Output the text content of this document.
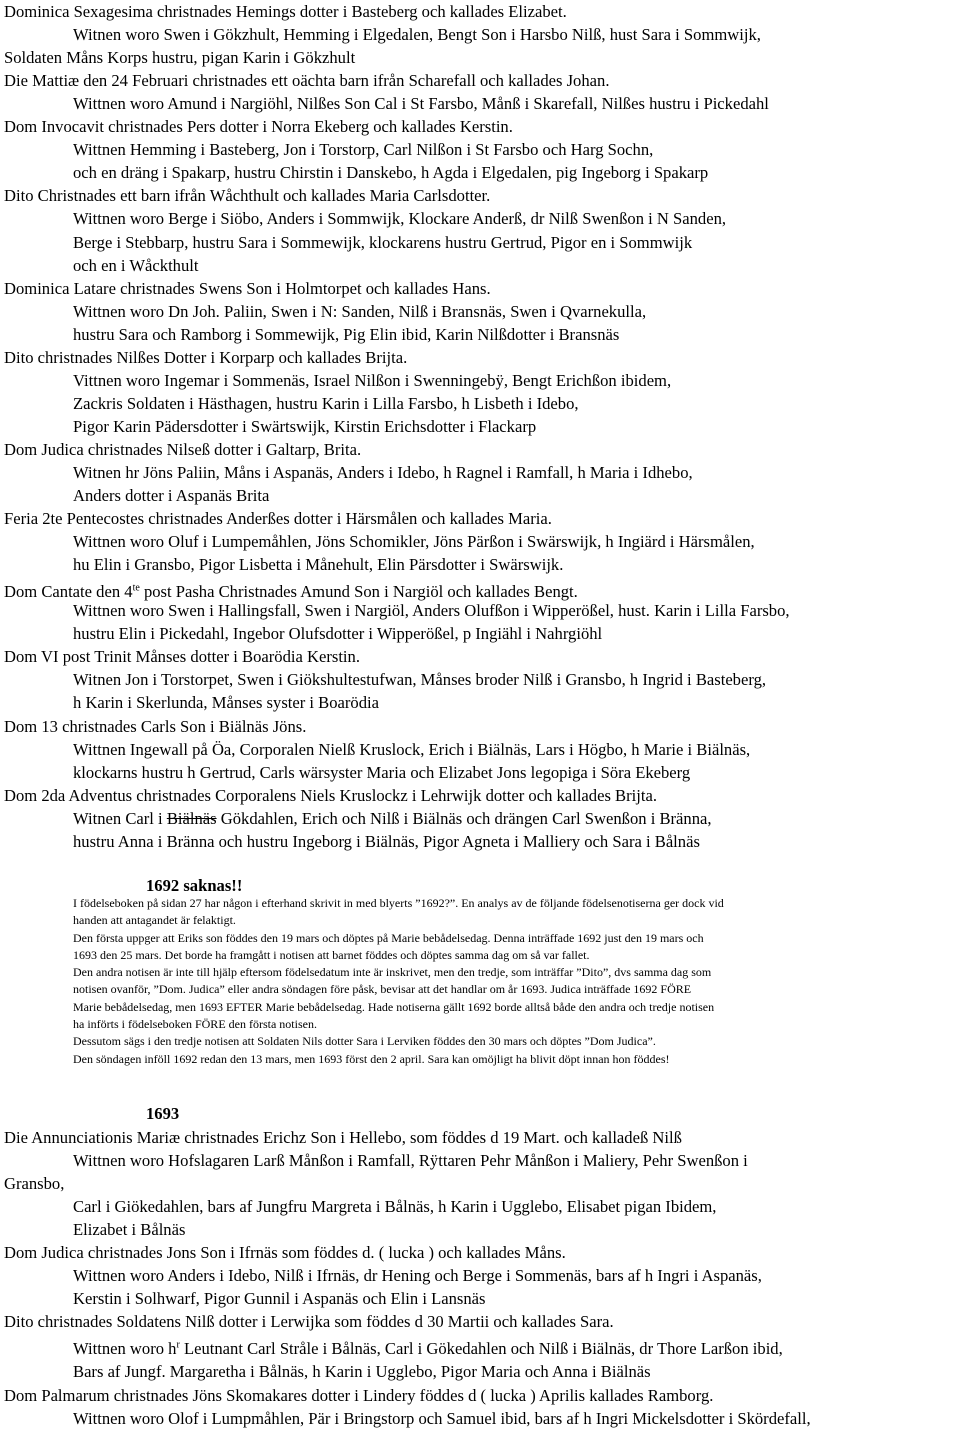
Dominica Sexagesima christnades Hemings dotter i Basteberg och kallades Elizabet.
Witnen woro Swen i Gökzhult, Hemming i Elgedalen, Bengt Son i Harsbo Nilß, hust Sara i Sommwijk,
Soldaten Måns Korps hustru, pigan Karin i Gökzhult
Die Mattiæ den 24 Februari christnades ett oächta barn ifrån Scharefall och kallades Johan.
Wittnen woro Amund i Nargiöhl, Nilßes Son Cal i St Farsbo, Månß i Skarefall, Nilßes hustru i Pickedahl
Dom Invocavit christnades Pers dotter i Norra Ekeberg och kallades Kerstin.
Wittnen Hemming i Basteberg, Jon i Torstorp, Carl Nilßon i St Farsbo och Harg Sochn,
och en dräng i Spakarp, hustru Chirstin i Danskebo, h Agda i Elgedalen, pig Ingeborg i Spakarp
Dito Christnades ett barn ifrån Wåchthult och kallades Maria Carlsdotter.
Wittnen woro Berge i Siöbo, Anders i Sommwijk, Klockare Anderß, dr Nilß Swenßon i N Sanden,
Berge i Stebbarp, hustru Sara i Sommewijk, klockarens hustru Gertrud, Pigor en i Sommwijk
och en i Wåckthult
Dominica Latare christnades Swens Son i Holmtorpet och kallades Hans.
Wittnen woro Dn Joh. Paliin, Swen i N: Sanden, Nilß i Bransnäs, Swen i Qvarnekulla,
hustru Sara och Ramborg i Sommewijk, Pig Elin ibid, Karin Nilßdotter i Bransnäs
Dito christnades Nilßes Dotter i Korparp och kallades Brijta.
Vittnen woro Ingemar i Sommenäs, Israel Nilßon i Swenningebÿ, Bengt Erichßon ibidem,
Zackris Soldaten i Hästhagen, hustru Karin i Lilla Farsbo, h Lisbeth i Idebo,
Pigor Karin Pädersdotter i Swärtswijk, Kirstin Erichsdotter i Flackarp
Dom Judica christnades Nilseß dotter i Galtarp, Brita.
Witnen hr Jöns Paliin, Måns i Aspanäs, Anders i Idebo, h Ragnel i Ramfall, h Maria i Idhebo,
Anders dotter i Aspanäs Brita
Feria 2te Pentecostes christnades Anderßes dotter i Härsmålen och kallades Maria.
Wittnen woro Oluf i Lumpemåhlen, Jöns Schomikler, Jöns Pärßon i Swärswijk, h Ingiärd i Härsmålen,
hu Elin i Gransbo, Pigor Lisbetta i Månehult, Elin Pärsdotter i Swärswijk.
Dom Cantate den $4^{te}$ post Pasha Christnades Amund Son i Nargiöl och kallades Bengt.
Wittnen woro Swen i Hallingsfall, Swen i Nargiöl, Anders Olufßon i Wipperößel, hust. Karin i Lilla Farsbo,
hustru Elin i Pickedahl, Ingebor Olufsdotter i Wipperößel, p Ingiähl i Nahrgiöhl
Dom VI post Trinit Månses dotter i Boarödia Kerstin.
Witnen Jon i Torstorpet, Swen i Giökshultestufwan, Månses broder Nilß i Gransbo, h Ingrid i Basteberg,
h Karin i Skerlunda, Månses syster i Boarödia
Dom 13 christnades Carls Son i Biälnäs Jöns.
Wittnen Ingewall på Öa, Corporalen Nielß Kruslock, Erich i Biälnäs, Lars i Högbo, h Marie i Biälnäs,
klockarns hustru h Gertrud, Carls wärsyster Maria och Elizabet Jons legopiga i Söra Ekeberg
Dom 2da Adventus christnades Corporalens Niels Kruslockz i Lehrwijk dotter och kallades Brijta.
Witnen Carl i Biälnäs Gökdahlen, Erich och Nilß i Biälnäs och drängen Carl Swenßon i Bränna,
hustru Anna i Bränna och hustru Ingeborg i Biälnäs, Pigor Agneta i Malliery och Sara i Bålnäs
1692 saknas!!
I födelseboken på sidan 27 har någon i efterhand skrivit in med blyerts ”1692?”. En analys av de följande födelsenotiserna ger dock vid
handen att antagandet är felaktigt.
Den första uppger att Eriks son föddes den 19 mars och döptes på Marie bebådelsedag. Denna inträffade 1692 just den 19 mars och
1693 den 25 mars. Det borde ha framgått i notisen att barnet föddes och döptes samma dag om så var fallet.
Den andra notisen är inte till hjälp eftersom födelsedatum inte är inskrivet, men den tredje, som inträffar ”Dito”, dvs samma dag som
notisen ovanför, ”Dom. Judica” eller andra söndagen före påsk, bevisar att det handlar om år 1693. Judica inträffade 1692 FÖRE
Marie bebådelsedag, men 1693 EFTER Marie bebådelsedag. Hade notiserna gällt 1692 borde alltså både den andra och tredje notisen
ha införts i födelseboken FÖRE den första notisen.
Dessutom sägs i den tredje notisen att Soldaten Nils dotter Sara i Lerviken föddes den 30 mars och döptes ”Dom Judica”.
Den söndagen inföll 1692 redan den 13 mars, men 1693 först den 2 april. Sara kan omöjligt ha blivit döpt innan hon föddes!
1693
Die Annunciationis Mariæ christnades Erichz Son i Hellebo, som föddes d 19 Mart. och kalladeß Nilß
Wittnen woro Hofslagaren Larß Månßon i Ramfall, Rÿttaren Pehr Månßon i Maliery, Pehr Swenßon i
Gransbo,
Carl i Giökedahlen, bars af Jungfru Margreta i Bålnäs, h Karin i Ugglebo, Elisabet pigan Ibidem,
Elizabet i Bålnäs
Dom Judica christnades Jons Son i Ifrnäs som föddes d. ( lucka ) och kallades Måns.
Wittnen woro Anders i Idebo, Nilß i Ifrnäs, dr Hening och Berge i Sommenäs, bars af h Ingri i Aspanäs,
Kerstin i Solhwarf, Pigor Gunnil i Aspanäs och Elin i Lansnäs
Dito christnades Soldatens Nilß dotter i Lerwijka som föddes d 30 Martii och kallades Sara.
Wittnen woro $h^r$ Leutnant Carl Stråle i Bålnäs, Carl i Gökedahlen och Nilß i Biälnäs, dr Thore Larßon ibid,
Bars af Jungf. Margaretha i Bålnäs, h Karin i Ugglebo, Pigor Maria och Anna i Biälnäs
Dom Palmarum christnades Jöns Skomakares dotter i Lindery föddes d ( lucka ) Aprilis kallades Ramborg.
Wittnen woro Olof i Lumpmåhlen, Pär i Bringstorp och Samuel ibid, bars af h Ingri Mickelsdotter i Skördefall,
